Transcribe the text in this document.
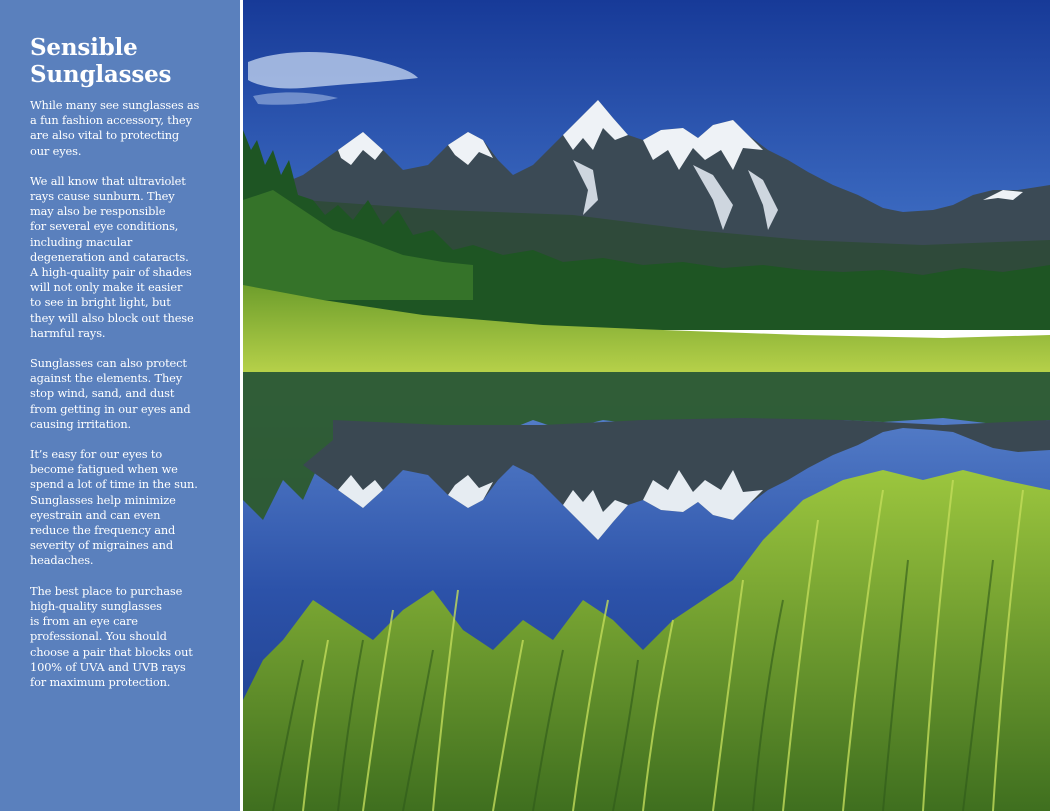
Sensible
Sunglasses
While many see sunglasses as
a fun fashion accessory, they
are also vital to protecting
our eyes.
We all know that ultraviolet
rays cause sunburn. They
may also be responsible
for several eye conditions,
including macular
degeneration and cataracts.
A high-quality pair of shades
will not only make it easier
to see in bright light, but
they will also block out these
harmful rays.
Sunglasses can also protect
against the elements. They
stop wind, sand, and dust
from getting in our eyes and
causing irritation.
It’s easy for our eyes to
become fatigued when we
spend a lot of time in the sun.
Sunglasses help minimize
eyestrain and can even
reduce the frequency and
severity of migraines and
headaches.
The best place to purchase
high-quality sunglasses
is from an eye care
professional. You should
choose a pair that blocks out
100% of UVA and UVB rays
for maximum protection.
